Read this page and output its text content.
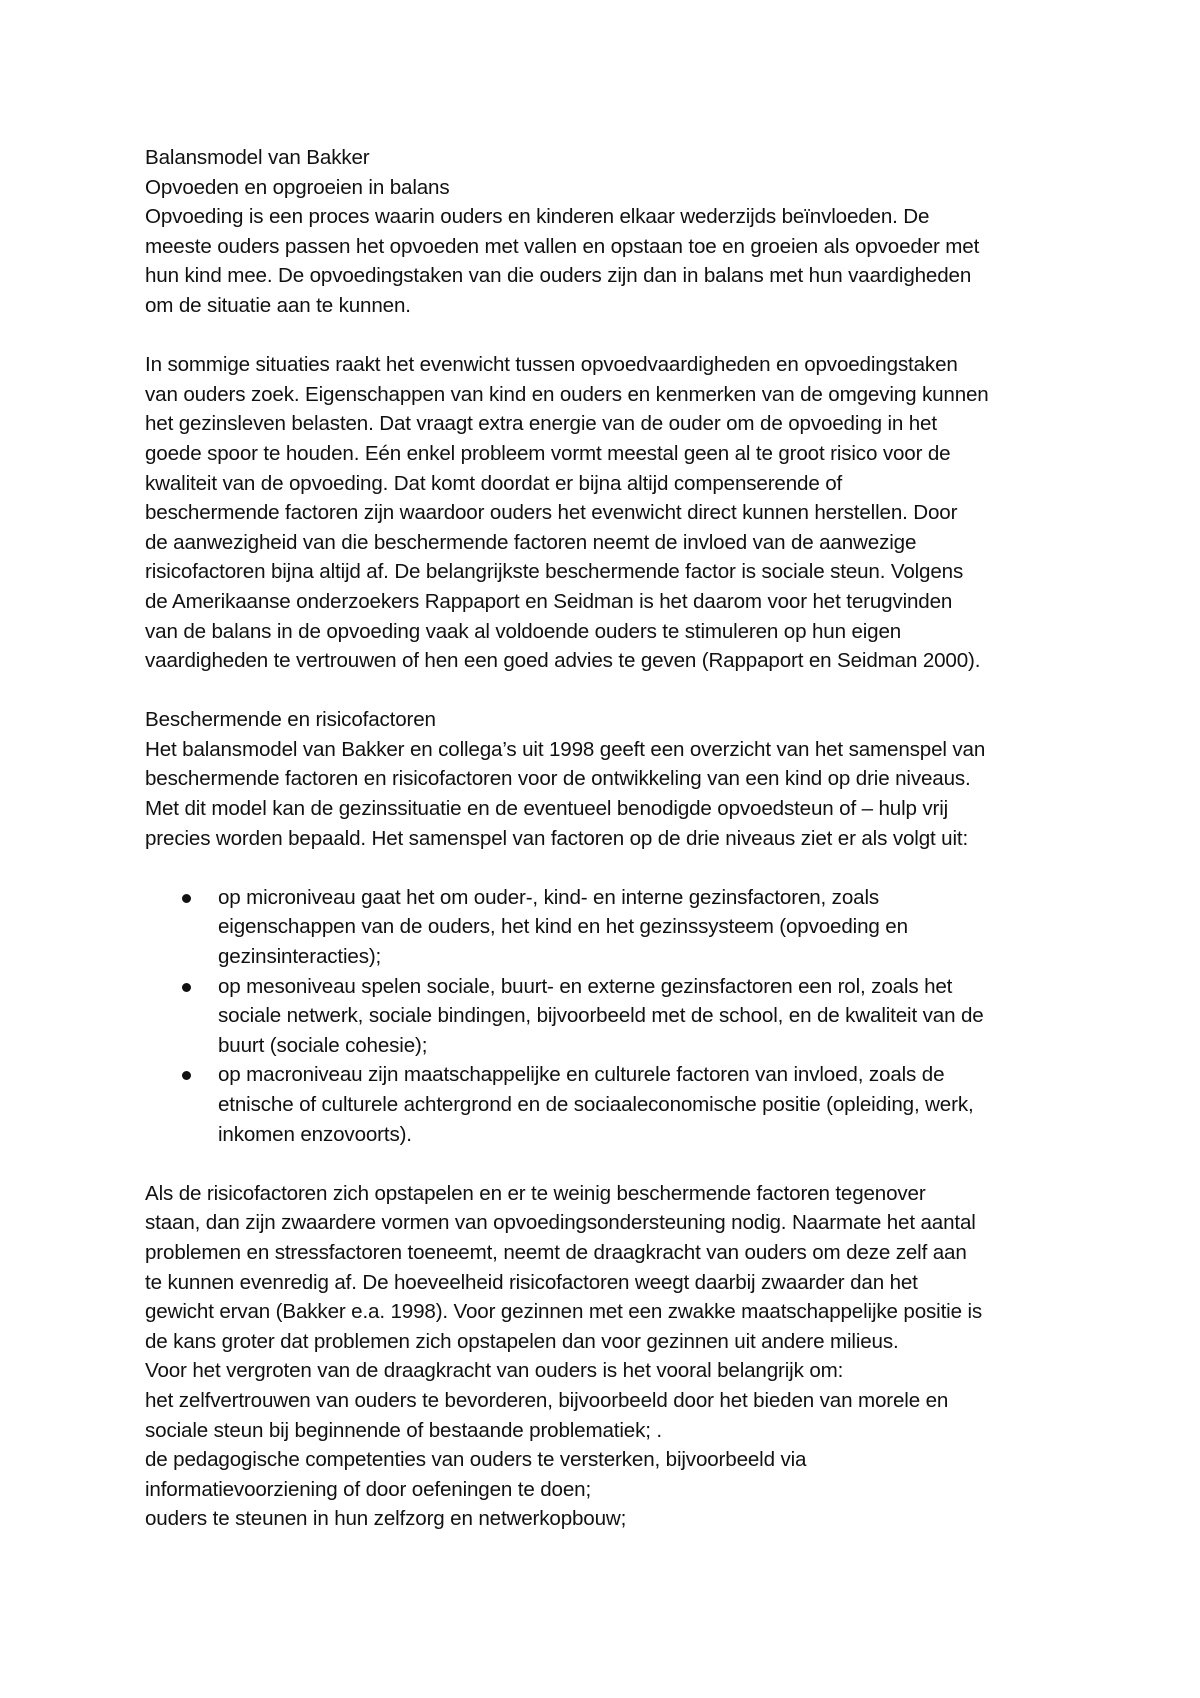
Balansmodel van Bakker
Opvoeden en opgroeien in balans
Opvoeding is een proces waarin ouders en kinderen elkaar wederzijds beïnvloeden. De
meeste ouders passen het opvoeden met vallen en opstaan toe en groeien als opvoeder met
hun kind mee. De opvoedingstaken van die ouders zijn dan in balans met hun vaardigheden
om de situatie aan te kunnen.
In sommige situaties raakt het evenwicht tussen opvoedvaardigheden en opvoedingstaken
van ouders zoek. Eigenschappen van kind en ouders en kenmerken van de omgeving kunnen
het gezinsleven belasten. Dat vraagt extra energie van de ouder om de opvoeding in het
goede spoor te houden. Eén enkel probleem vormt meestal geen al te groot risico voor de
kwaliteit van de opvoeding. Dat komt doordat er bijna altijd compenserende of
beschermende factoren zijn waardoor ouders het evenwicht direct kunnen herstellen. Door
de aanwezigheid van die beschermende factoren neemt de invloed van de aanwezige
risicofactoren bijna altijd af. De belangrijkste beschermende factor is sociale steun. Volgens
de Amerikaanse onderzoekers Rappaport en Seidman is het daarom voor het terugvinden
van de balans in de opvoeding vaak al voldoende ouders te stimuleren op hun eigen
vaardigheden te vertrouwen of hen een goed advies te geven (Rappaport en Seidman 2000).
Beschermende en risicofactoren
Het balansmodel van Bakker en collega’s uit 1998 geeft een overzicht van het samenspel van
beschermende factoren en risicofactoren voor de ontwikkeling van een kind op drie niveaus.
Met dit model kan de gezinssituatie en de eventueel benodigde opvoedsteun of – hulp vrij
precies worden bepaald. Het samenspel van factoren op de drie niveaus ziet er als volgt uit:
op microniveau gaat het om ouder-, kind- en interne gezinsfactoren, zoals
eigenschappen van de ouders, het kind en het gezinssysteem (opvoeding en
gezinsinteracties);
op mesoniveau spelen sociale, buurt- en externe gezinsfactoren een rol, zoals het
sociale netwerk, sociale bindingen, bijvoorbeeld met de school, en de kwaliteit van de
buurt (sociale cohesie);
op macroniveau zijn maatschappelijke en culturele factoren van invloed, zoals de
etnische of culturele achtergrond en de sociaaleconomische positie (opleiding, werk,
inkomen enzovoorts).
Als de risicofactoren zich opstapelen en er te weinig beschermende factoren tegenover
staan, dan zijn zwaardere vormen van opvoedingsondersteuning nodig. Naarmate het aantal
problemen en stressfactoren toeneemt, neemt de draagkracht van ouders om deze zelf aan
te kunnen evenredig af. De hoeveelheid risicofactoren weegt daarbij zwaarder dan het
gewicht ervan (Bakker e.a. 1998). Voor gezinnen met een zwakke maatschappelijke positie is
de kans groter dat problemen zich opstapelen dan voor gezinnen uit andere milieus.
Voor het vergroten van de draagkracht van ouders is het vooral belangrijk om:
het zelfvertrouwen van ouders te bevorderen, bijvoorbeeld door het bieden van morele en
sociale steun bij beginnende of bestaande problematiek; .
de pedagogische competenties van ouders te versterken, bijvoorbeeld via
informatievoorziening of door oefeningen te doen;
ouders te steunen in hun zelfzorg en netwerkopbouw;
